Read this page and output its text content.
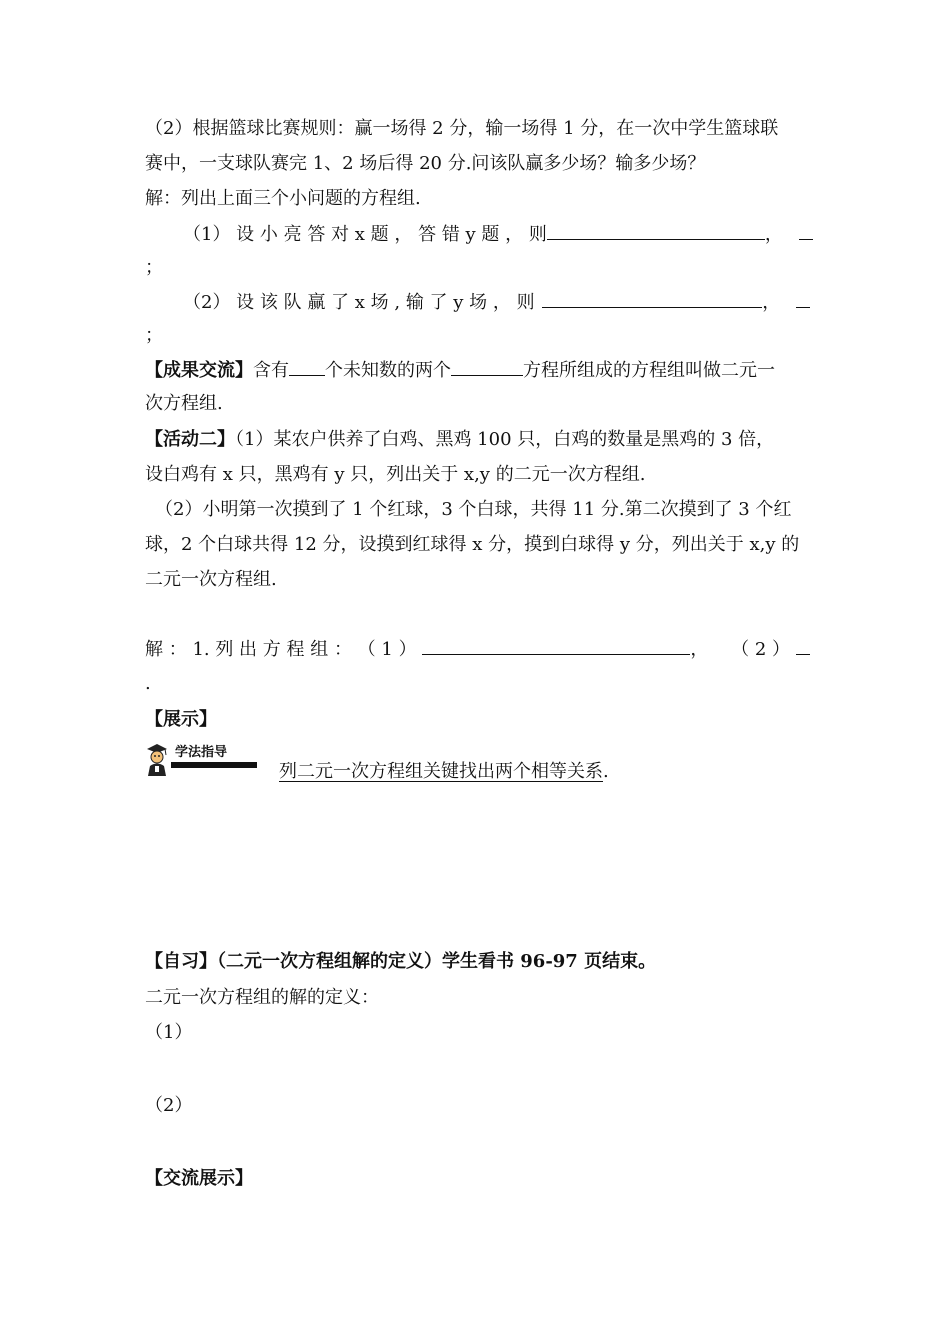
（2）根据篮球比赛规则：赢一场得 2 分，输一场得 1 分，在一次中学生篮球联
赛中，一支球队赛完 1、2 场后得 20 分.问该队赢多少场？输多少场？
解：列出上面三个小问题的方程组.
（1） 设 小 亮 答 对 x 题 ， 答 错 y 题 ， 则	，
；
（2） 设 该 队 赢 了 x 场 , 输 了 y 场 ， 则	，
；
【成果交流】含有 个未知数的两个	方程所组成的方程组叫做二元一
次方程组.
【活动二】（1）某农户供养了白鸡、黑鸡 100 只，白鸡的数量是黑鸡的 3 倍，
设白鸡有 x 只，黑鸡有 y 只，列出关于 x,y 的二元一次方程组.
（2）小明第一次摸到了 1 个红球，3 个白球，共得 11 分.第二次摸到了 3 个红
球，2 个白球共得 12 分，设摸到红球得 x 分，摸到白球得 y 分，列出关于 x,y 的
二元一次方程组.
解 ： 1. 列 出 方 程 组 ： （ 1 ）	， （ 2 ）
.
【展示】
学法指导
列二元一次方程组关键找出两个相等关系.
【自习】（二元一次方程组解的定义）学生看书 96-97 页结束。
二元一次方程组的解的定义：
（1）
（2）
【交流展示】
